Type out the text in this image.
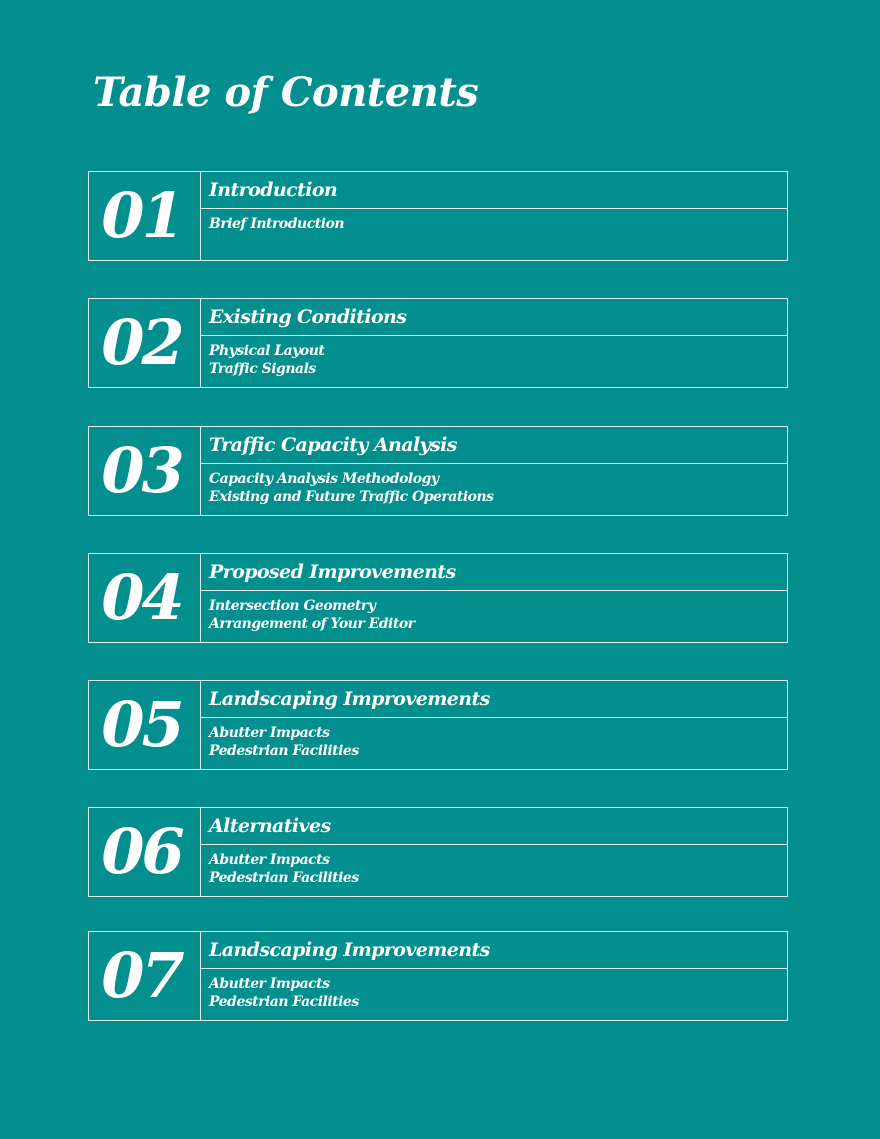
Table of Contents
01	Introduction
Brief Introduction
02	Existing Conditions
Physical Layout
Traffic Signals
03	Traffic Capacity Analysis
Capacity Analysis Methodology
Existing and Future Traffic Operations
04	Proposed Improvements
Intersection Geometry
Arrangement of Your Editor
05	Landscaping Improvements
Abutter Impacts
Pedestrian Facilities
06	Alternatives
Abutter Impacts
Pedestrian Facilities
07	Landscaping Improvements
Abutter Impacts
Pedestrian Facilities
